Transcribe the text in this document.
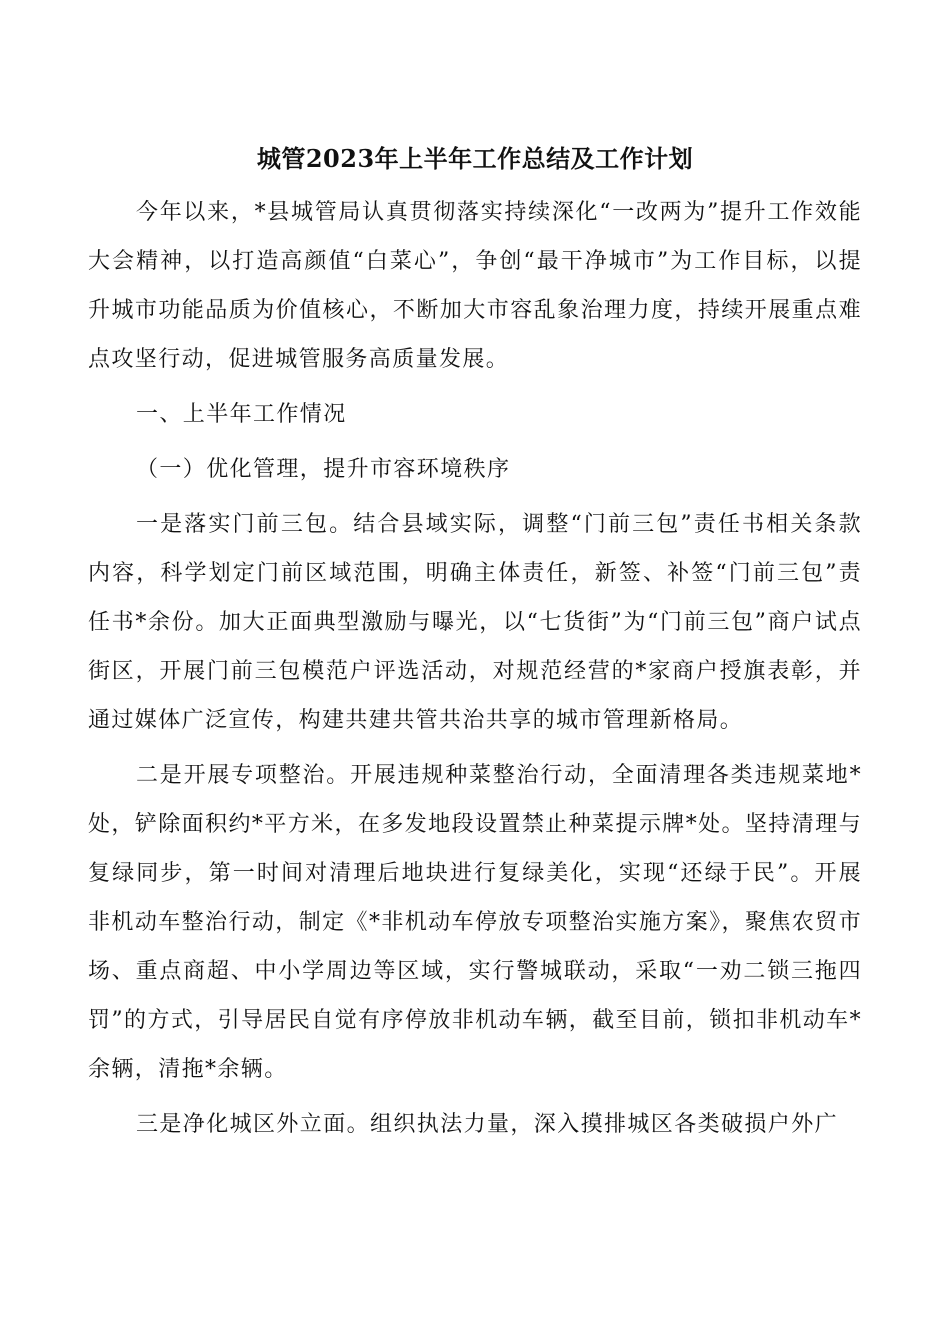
城管2023年上半年工作总结及工作计划

今年以来，*县城管局认真贯彻落实持续深化“一改两为”提升工作效能大会精神，以打造高颜值“白菜心”，争创“最干净城市”为工作目标，以提升城市功能品质为价值核心，不断加大市容乱象治理力度，持续开展重点难点攻坚行动，促进城管服务高质量发展。

一、上半年工作情况

（一）优化管理，提升市容环境秩序

一是落实门前三包。结合县域实际，调整“门前三包”责任书相关条款内容，科学划定门前区域范围，明确主体责任，新签、补签“门前三包”责任书*余份。加大正面典型激励与曝光，以“七货街”为“门前三包”商户试点街区，开展门前三包模范户评选活动，对规范经营的*家商户授旗表彰，并通过媒体广泛宣传，构建共建共管共治共享的城市管理新格局。

二是开展专项整治。开展违规种菜整治行动，全面清理各类违规菜地*处，铲除面积约*平方米，在多发地段设置禁止种菜提示牌*处。坚持清理与复绿同步，第一时间对清理后地块进行复绿美化，实现“还绿于民”。开展非机动车整治行动，制定《*非机动车停放专项整治实施方案》，聚焦农贸市场、重点商超、中小学周边等区域，实行警城联动，采取“一劝二锁三拖四罚”的方式，引导居民自觉有序停放非机动车辆，截至目前，锁扣非机动车*余辆，清拖*余辆。

三是净化城区外立面。组织执法力量，深入摸排城区各类破损户外广
